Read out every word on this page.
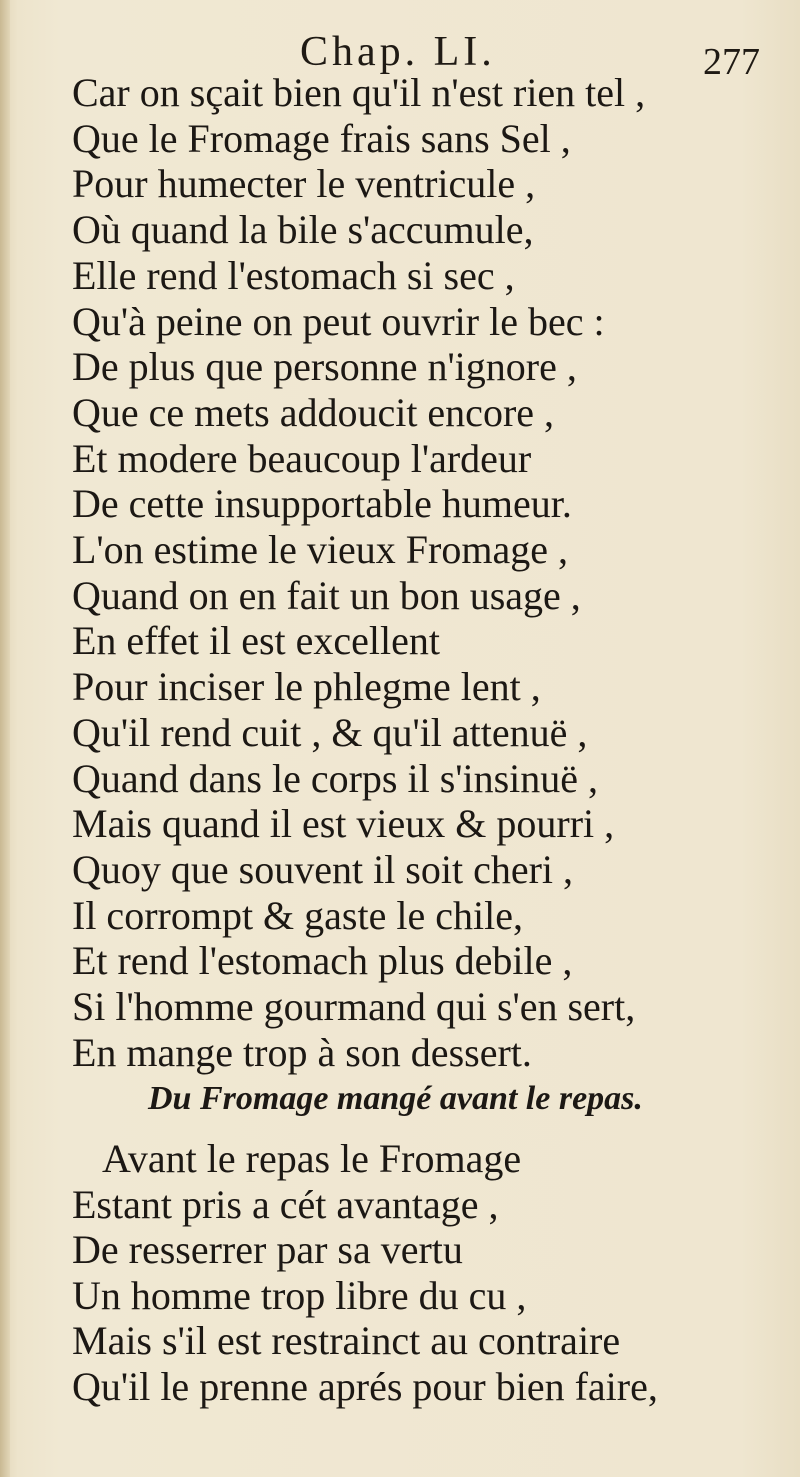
Chap. LI.	277
Car on sçait bien qu'il n'est rien tel ,
Que le Fromage frais sans Sel ,
Pour humecter le ventricule ,
Où quand la bile s'accumule,
Elle rend l'estomach si sec ,
Qu'à peine on peut ouvrir le bec :
De plus que personne n'ignore ,
Que ce mets addoucit encore ,
Et modere beaucoup l'ardeur
De cette insupportable humeur.
L'on estime le vieux Fromage ,
Quand on en fait un bon usage ,
En effet il est excellent
Pour inciser le phlegme lent ,
Qu'il rend cuit , & qu'il attenuë ,
Quand dans le corps il s'insinuë ,
Mais quand il est vieux & pourri ,
Quoy que souvent il soit cheri ,
Il corrompt & gaste le chile,
Et rend l'estomach plus debile ,
Si l'homme gourmand qui s'en sert,
En mange trop à son dessert.
Du Fromage mangé avant le repas.
Avant le repas le Fromage
Estant pris a cét avantage ,
De resserrer par sa vertu
Un homme trop libre du cu ,
Mais s'il est restrainct au contraire
Qu'il le prenne aprés pour bien faire,
